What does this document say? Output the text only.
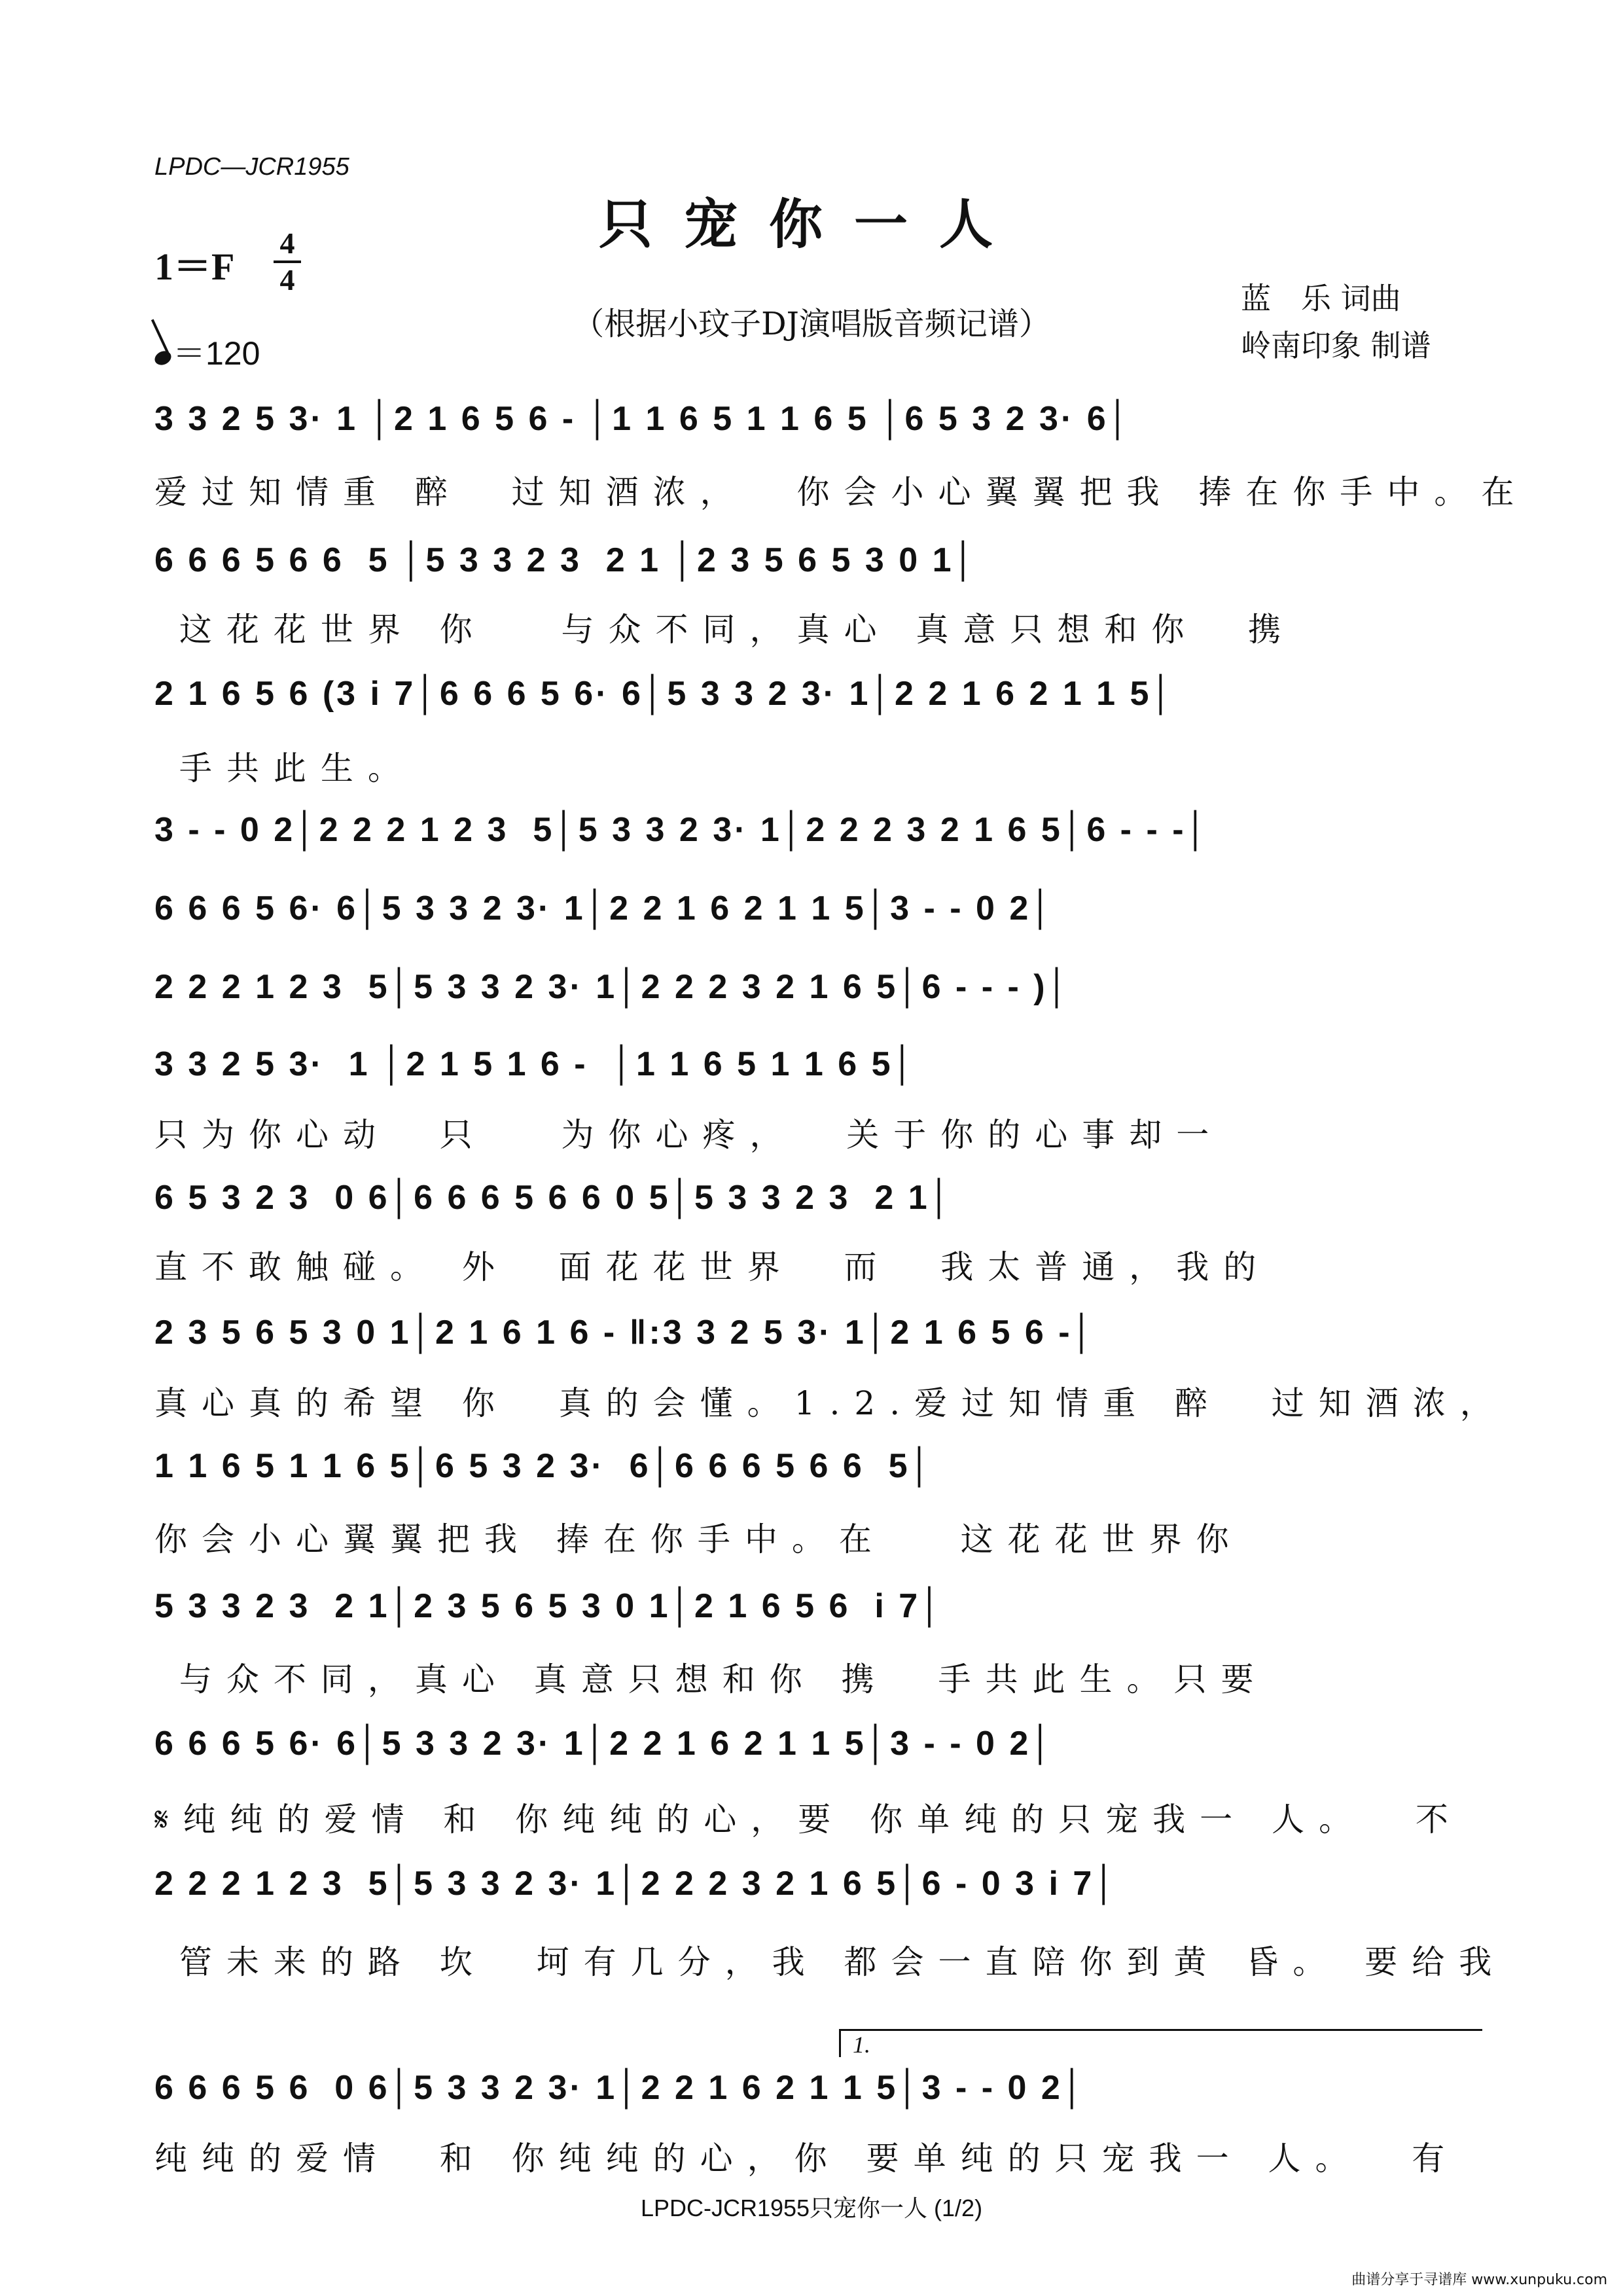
LPDC—JCR1955
只宠你一人
1＝F
4
4
（根据小玟子DJ演唱版音频记谱）
蓝　乐 词曲
岭南印象 制谱
＝120
3 3 2 5 3· 1 │2 1 6 5 6 - │1 1 6 5 1 1 6 5 │6 5 3 2 3· 6│
爱过知情重 醉  过知酒浓，  你会小心翼翼把我 捧在你手中。在
6 6 6 5 6 6  5 │5 3 3 2 3  2 1 │2 3 5 6 5 3 0 1│
这花花世界 你   与众不同，真心 真意只想和你  携
2 1 6 5 6 (3 i 7│6 6 6 5 6· 6│5 3 3 2 3· 1│2 2 1 6 2 1 1 5│
手共此生。
3 - - 0 2│2 2 2 1 2 3  5│5 3 3 2 3· 1│2 2 2 3 2 1 6 5│6 - - -│
6 6 6 5 6· 6│5 3 3 2 3· 1│2 2 1 6 2 1 1 5│3 - - 0 2│
2 2 2 1 2 3  5│5 3 3 2 3· 1│2 2 2 3 2 1 6 5│6 - - - )│
3 3 2 5 3·  1 │2 1 5 1 6 -  │1 1 6 5 1 1 6 5│
只为你心动  只   为你心疼，  关于你的心事却一
6 5 3 2 3  0 6│6 6 6 5 6 6 0 5│5 3 3 2 3  2 1│
直不敢触碰。 外  面花花世界  而  我太普通，我的
2 3 5 6 5 3 0 1│2 1 6 1 6 - ‖:3 3 2 5 3· 1│2 1 6 5 6 -│
真心真的希望 你  真的会懂。1.2.爱过知情重 醉  过知酒浓，
1 1 6 5 1 1 6 5│6 5 3 2 3·  6│6 6 6 5 6 6  5│
你会小心翼翼把我 捧在你手中。在   这花花世界你
5 3 3 2 3  2 1│2 3 5 6 5 3 0 1│2 1 6 5 6  i 7│
与众不同，真心 真意只想和你 携  手共此生。只要
6 6 6 5 6· 6│5 3 3 2 3· 1│2 2 1 6 2 1 1 5│3 - - 0 2│
𝄋纯纯的爱情 和 你纯纯的心，要 你单纯的只宠我一 人。  不
2 2 2 1 2 3  5│5 3 3 2 3· 1│2 2 2 3 2 1 6 5│6 - 0 3 i 7│
管未来的路 坎  坷有几分，我 都会一直陪你到黄 昏。 要给我
1.
6 6 6 5 6  0 6│5 3 3 2 3· 1│2 2 1 6 2 1 1 5│3 - - 0 2│
纯纯的爱情  和 你纯纯的心，你 要单纯的只宠我一 人。  有
LPDC-JCR1955只宠你一人 (1/2)
曲谱分享于寻谱库 www.xunpuku.com
